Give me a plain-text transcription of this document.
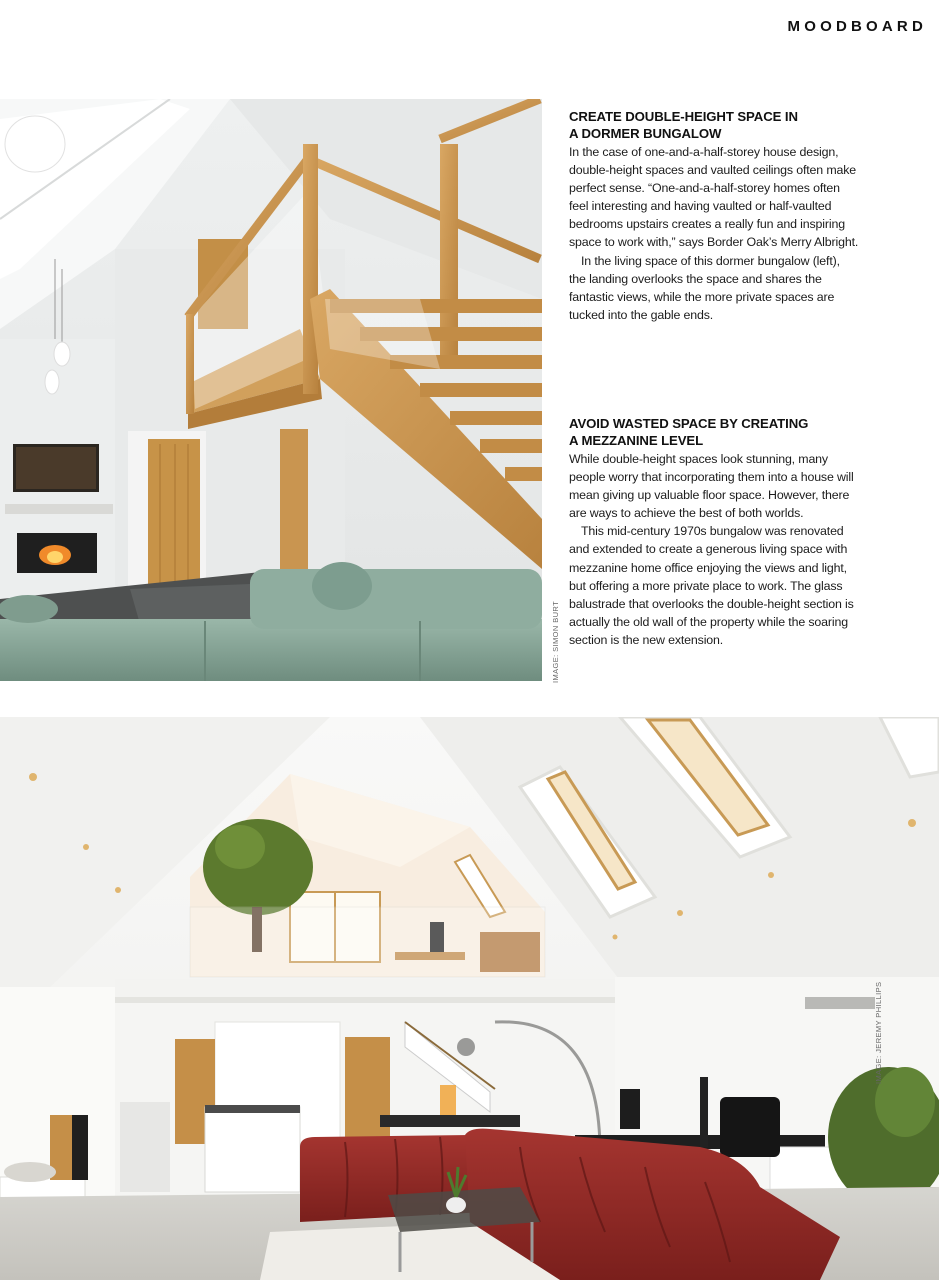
MOODBOARD
IMAGE: SIMON BURT
CREATE DOUBLE-HEIGHT SPACE IN
A DORMER BUNGALOW

In the case of one-and-a-half-storey house design, double-height spaces and vaulted ceilings often make perfect sense. “One-and-a-half-storey homes often feel interesting and having vaulted or half-vaulted bedrooms upstairs creates a really fun and inspiring space to work with,” says Border Oak’s Merry Albright.

In the living space of this dormer bungalow (left), the landing overlooks the space and shares the fantastic views, while the more private spaces are tucked into the gable ends.

AVOID WASTED SPACE BY CREATING
A MEZZANINE LEVEL

While double-height spaces look stunning, many people worry that incorporating them into a house will mean giving up valuable floor space. However, there are ways to achieve the best of both worlds.

This mid-century 1970s bungalow was renovated and extended to create a generous living space with mezzanine home office enjoying the views and light, but offering a more private place to work. The glass balustrade that overlooks the double-height section is actually the old wall of the property while the soaring section is the new extension.

IMAGE: JEREMY PHILLIPS
